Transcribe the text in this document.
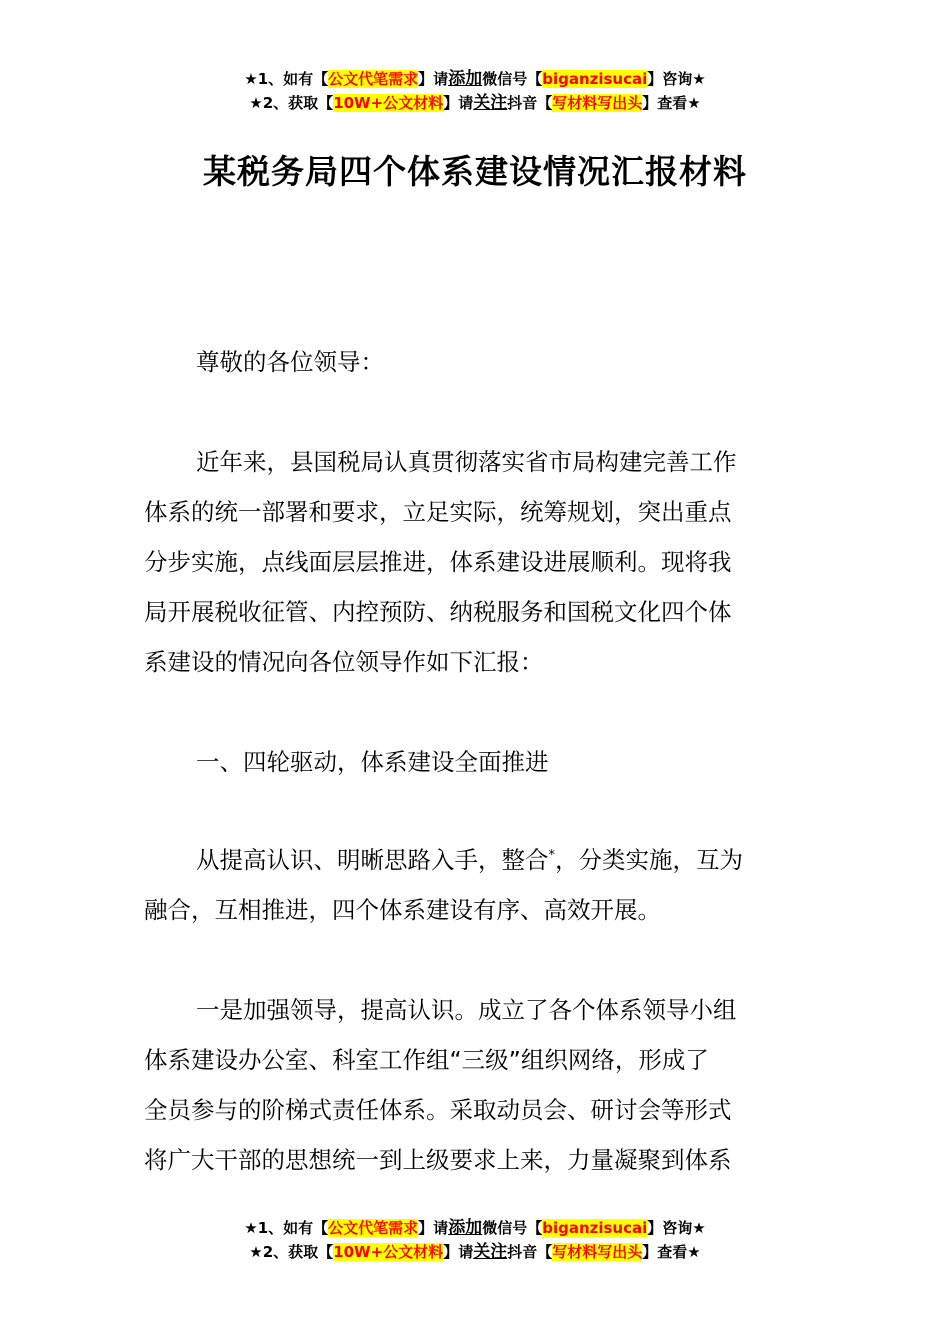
★1、如有【公文代笔需求】请添加微信号【biganzisucai】咨询★
★2、获取【10W+公文材料】请关注抖音【写材料写出头】查看★
某税务局四个体系建设情况汇报材料
尊敬的各位领导：
近年来，县国税局认真贯彻落实省市局构建完善工作
体系的统一部署和要求，立足实际，统筹规划，突出重点
分步实施，点线面层层推进，体系建设进展顺利。现将我
局开展税收征管、内控预防、纳税服务和国税文化四个体
系建设的情况向各位领导作如下汇报：
一、四轮驱动，体系建设全面推进
从提高认识、明晰思路入手，整合*，分类实施，互为
融合，互相推进，四个体系建设有序、高效开展。
一是加强领导，提高认识。成立了各个体系领导小组
体系建设办公室、科室工作组“三级”组织网络，形成了
全员参与的阶梯式责任体系。采取动员会、研讨会等形式
将广大干部的思想统一到上级要求上来，力量凝聚到体系
★1、如有【公文代笔需求】请添加微信号【biganzisucai】咨询★
★2、获取【10W+公文材料】请关注抖音【写材料写出头】查看★
